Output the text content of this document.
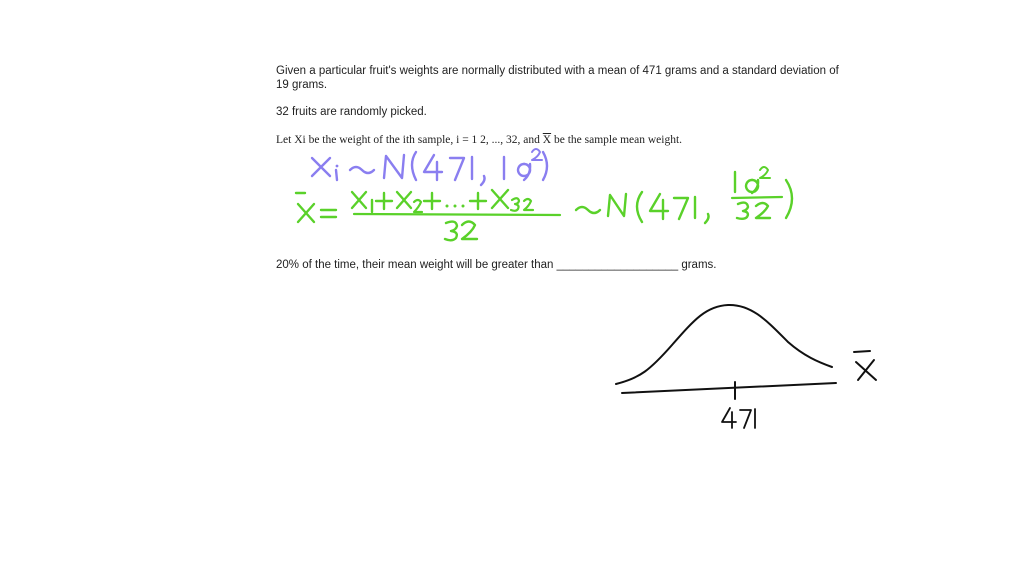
Given a particular fruit's weights are normally distributed with a mean of 471 grams and a standard deviation of 19 grams.

32 fruits are randomly picked.

Let Xi be the weight of the ith sample, i = 1 2, ..., 32, and $\overline{X}$ be the sample mean weight.

20% of the time, their mean weight will be greater than ___________________ grams.
